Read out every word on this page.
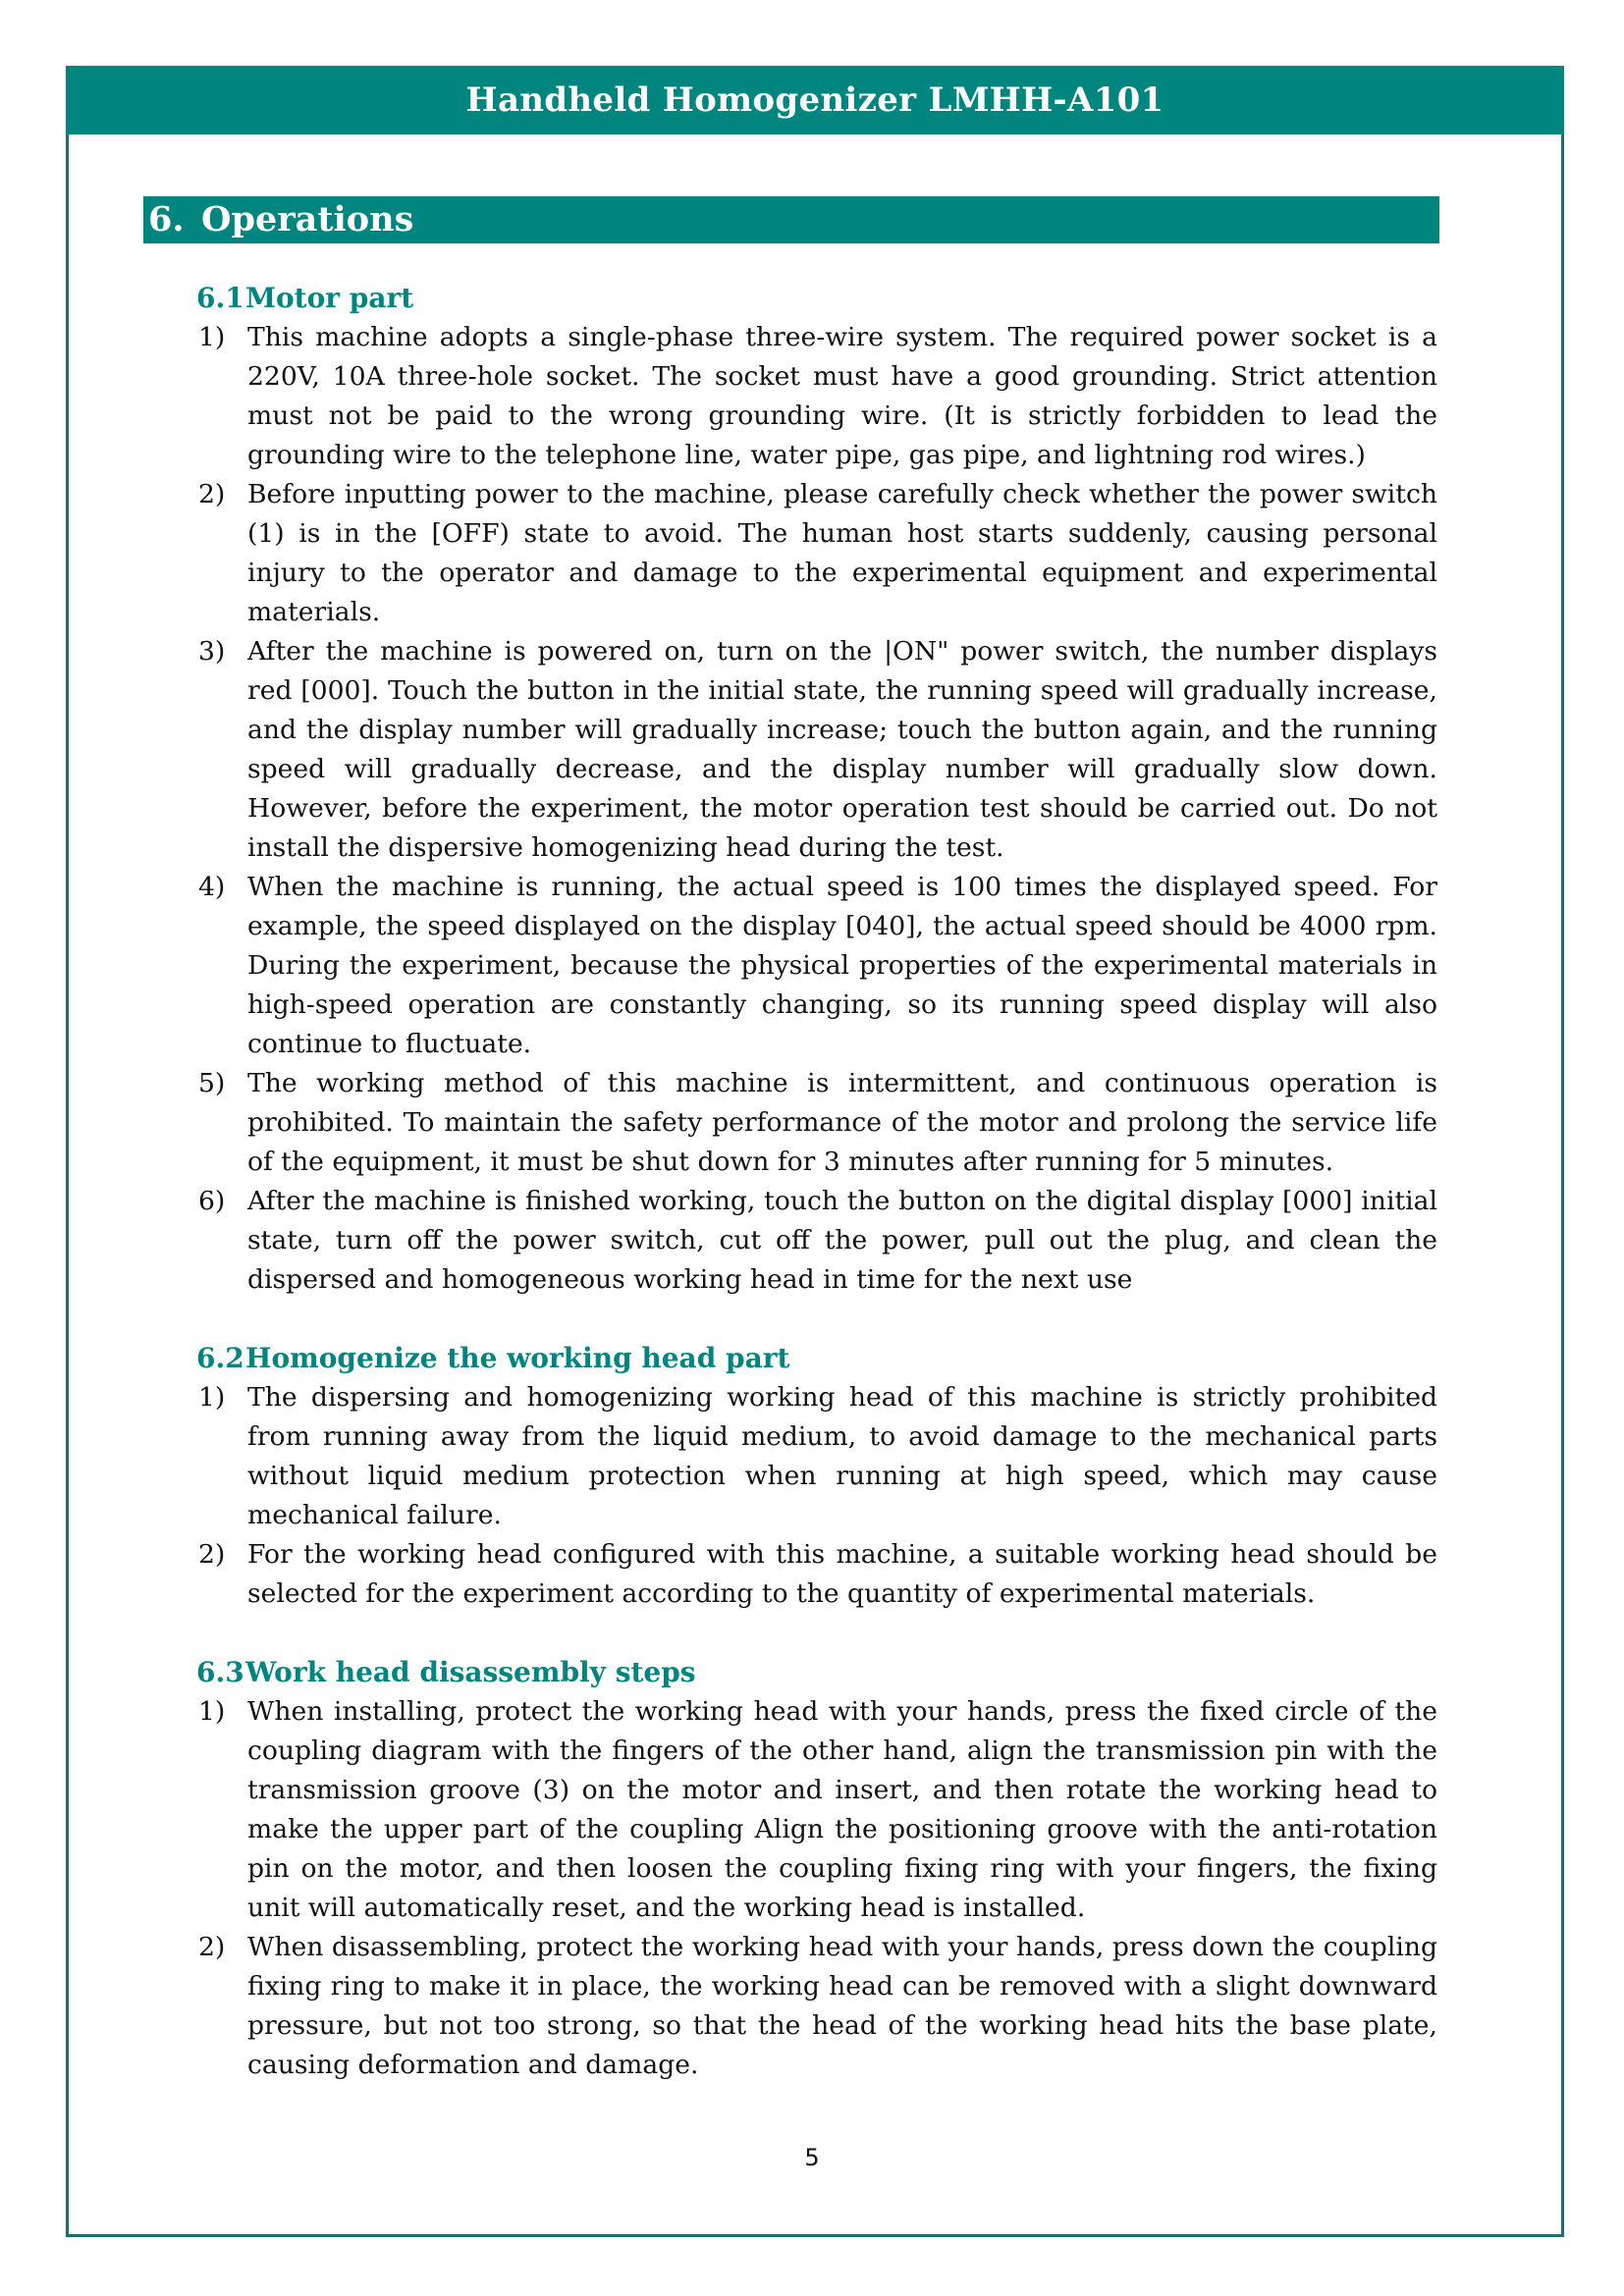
Handheld Homogenizer LMHH-A101
6. Operations
6.1Motor part
1) This machine adopts a single-phase three-wire system. The required power socket is a 220V, 10A three-hole socket. The socket must have a good grounding. Strict attention must not be paid to the wrong grounding wire. (It is strictly forbidden to lead the grounding wire to the telephone line, water pipe, gas pipe, and lightning rod wires.)
2) Before inputting power to the machine, please carefully check whether the power switch (1) is in the [OFF) state to avoid. The human host starts suddenly, causing personal injury to the operator and damage to the experimental equipment and experimental materials.
3) After the machine is powered on, turn on the |ON" power switch, the number displays red [000]. Touch the button in the initial state, the running speed will gradually increase, and the display number will gradually increase; touch the button again, and the running speed will gradually decrease, and the display number will gradually slow down. However, before the experiment, the motor operation test should be carried out. Do not install the dispersive homogenizing head during the test.
4) When the machine is running, the actual speed is 100 times the displayed speed. For example, the speed displayed on the display [040], the actual speed should be 4000 rpm. During the experiment, because the physical properties of the experimental materials in high-speed operation are constantly changing, so its running speed display will also continue to fluctuate.
5) The working method of this machine is intermittent, and continuous operation is prohibited. To maintain the safety performance of the motor and prolong the service life of the equipment, it must be shut down for 3 minutes after running for 5 minutes.
6) After the machine is finished working, touch the button on the digital display [000] initial state, turn off the power switch, cut off the power, pull out the plug, and clean the dispersed and homogeneous working head in time for the next use
6.2Homogenize the working head part
1) The dispersing and homogenizing working head of this machine is strictly prohibited from running away from the liquid medium, to avoid damage to the mechanical parts without liquid medium protection when running at high speed, which may cause mechanical failure.
2) For the working head configured with this machine, a suitable working head should be selected for the experiment according to the quantity of experimental materials.
6.3Work head disassembly steps
1) When installing, protect the working head with your hands, press the fixed circle of the coupling diagram with the fingers of the other hand, align the transmission pin with the transmission groove (3) on the motor and insert, and then rotate the working head to make the upper part of the coupling Align the positioning groove with the anti-rotation pin on the motor, and then loosen the coupling fixing ring with your fingers, the fixing unit will automatically reset, and the working head is installed.
2) When disassembling, protect the working head with your hands, press down the coupling fixing ring to make it in place, the working head can be removed with a slight downward pressure, but not too strong, so that the head of the working head hits the base plate, causing deformation and damage.
5
